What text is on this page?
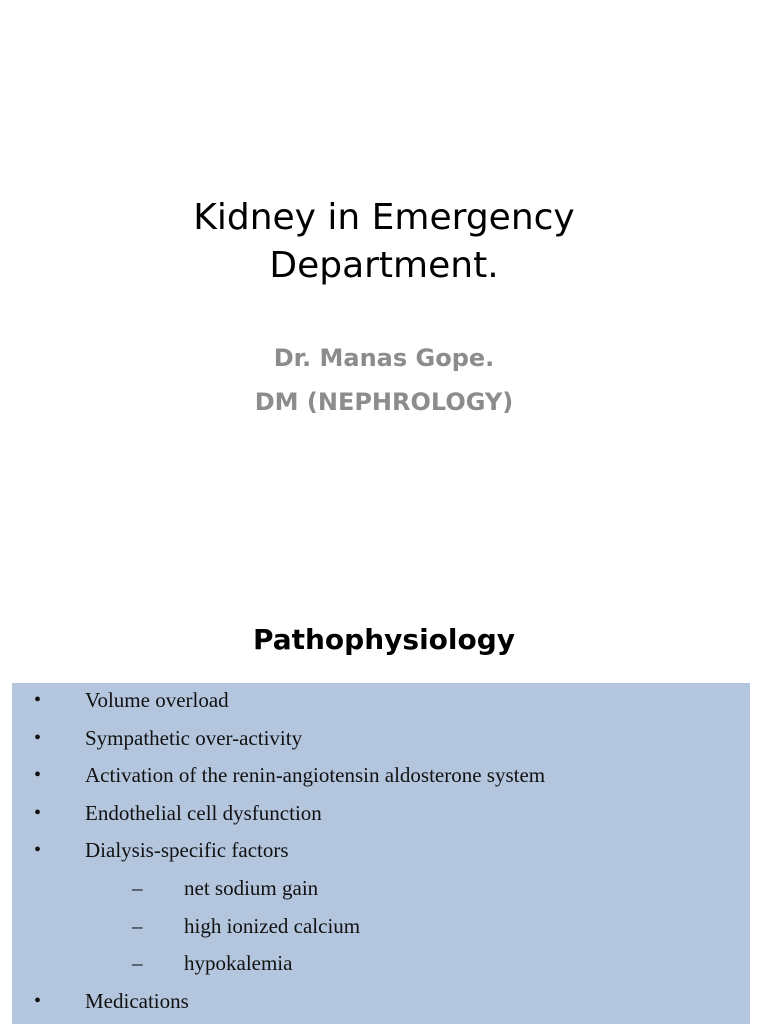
Kidney in Emergency
Department.
Dr. Manas Gope.
DM (NEPHROLOGY)
Pathophysiology
• Volume overload
• Sympathetic over-activity
• Activation of the renin-angiotensin aldosterone system
• Endothelial cell dysfunction
• Dialysis-specific factors
– net sodium gain
– high ionized calcium
– hypokalemia
• Medications
